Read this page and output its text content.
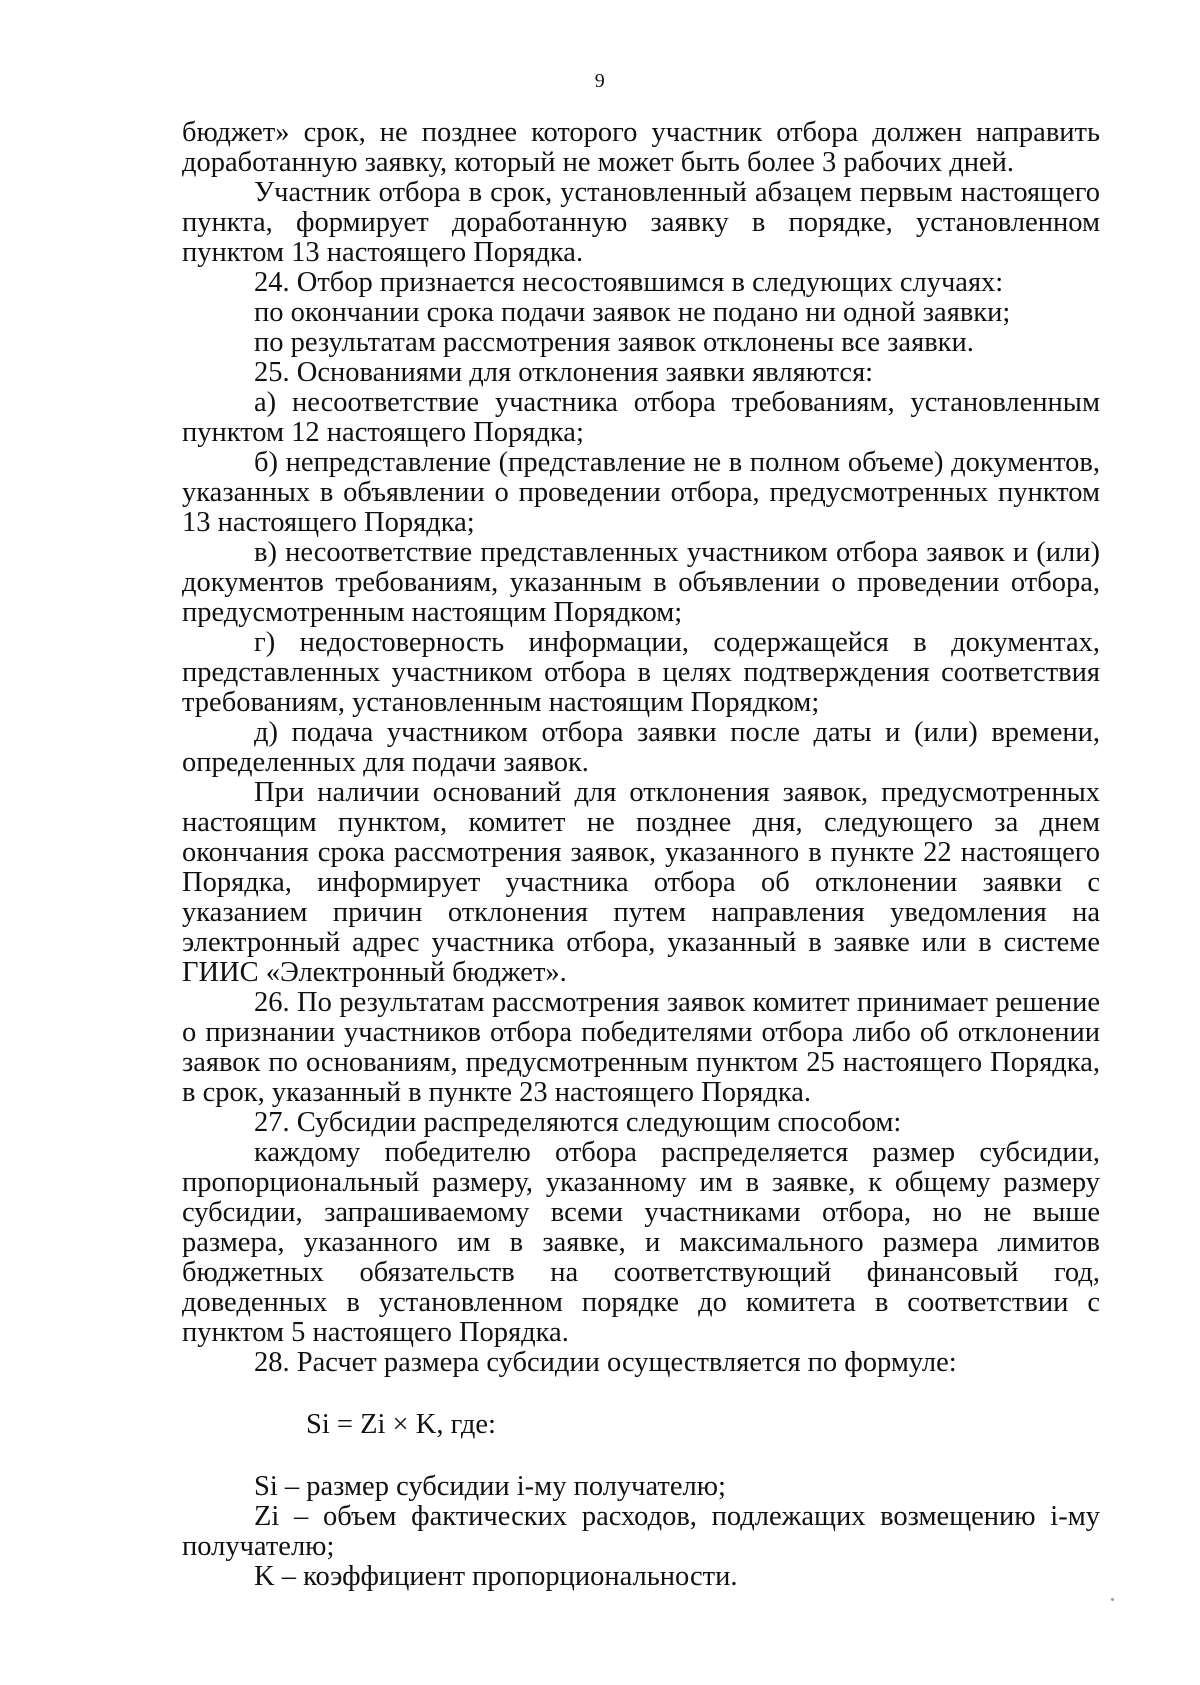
9

бюджет» срок, не позднее которого участник отбора должен направить доработанную заявку, который не может быть более 3 рабочих дней.

Участник отбора в срок, установленный абзацем первым настоящего пункта, формирует доработанную заявку в порядке, установленном пунктом 13 настоящего Порядка.

24. Отбор признается несостоявшимся в следующих случаях:

по окончании срока подачи заявок не подано ни одной заявки;

по результатам рассмотрения заявок отклонены все заявки.

25. Основаниями для отклонения заявки являются:

а) несоответствие участника отбора требованиям, установленным пунктом 12 настоящего Порядка;

б) непредставление (представление не в полном объеме) документов, указанных в объявлении о проведении отбора, предусмотренных пунктом 13 настоящего Порядка;

в) несоответствие представленных участником отбора заявок и (или) документов требованиям, указанным в объявлении о проведении отбора, предусмотренным настоящим Порядком;

г) недостоверность информации, содержащейся в документах, представленных участником отбора в целях подтверждения соответствия требованиям, установленным настоящим Порядком;

д) подача участником отбора заявки после даты и (или) времени, определенных для подачи заявок.

При наличии оснований для отклонения заявок, предусмотренных настоящим пунктом, комитет не позднее дня, следующего за днем окончания срока рассмотрения заявок, указанного в пункте 22 настоящего Порядка, информирует участника отбора об отклонении заявки с указанием причин отклонения путем направления уведомления на электронный адрес участника отбора, указанный в заявке или в системе ГИИС «Электронный бюджет».

26. По результатам рассмотрения заявок комитет принимает решение о признании участников отбора победителями отбора либо об отклонении заявок по основаниям, предусмотренным пунктом 25 настоящего Порядка, в срок, указанный в пункте 23 настоящего Порядка.

27. Субсидии распределяются следующим способом:

каждому победителю отбора распределяется размер субсидии, пропорциональный размеру, указанному им в заявке, к общему размеру субсидии, запрашиваемому всеми участниками отбора, но не выше размера, указанного им в заявке, и максимального размера лимитов бюджетных обязательств на соответствующий финансовый год, доведенных в установленном порядке до комитета в соответствии с пунктом 5 настоящего Порядка.

28. Расчет размера субсидии осуществляется по формуле:

Si = Zi × K, где:

Si – размер субсидии i-му получателю;

Zi – объем фактических расходов, подлежащих возмещению i-му получателю;

K – коэффициент пропорциональности.
